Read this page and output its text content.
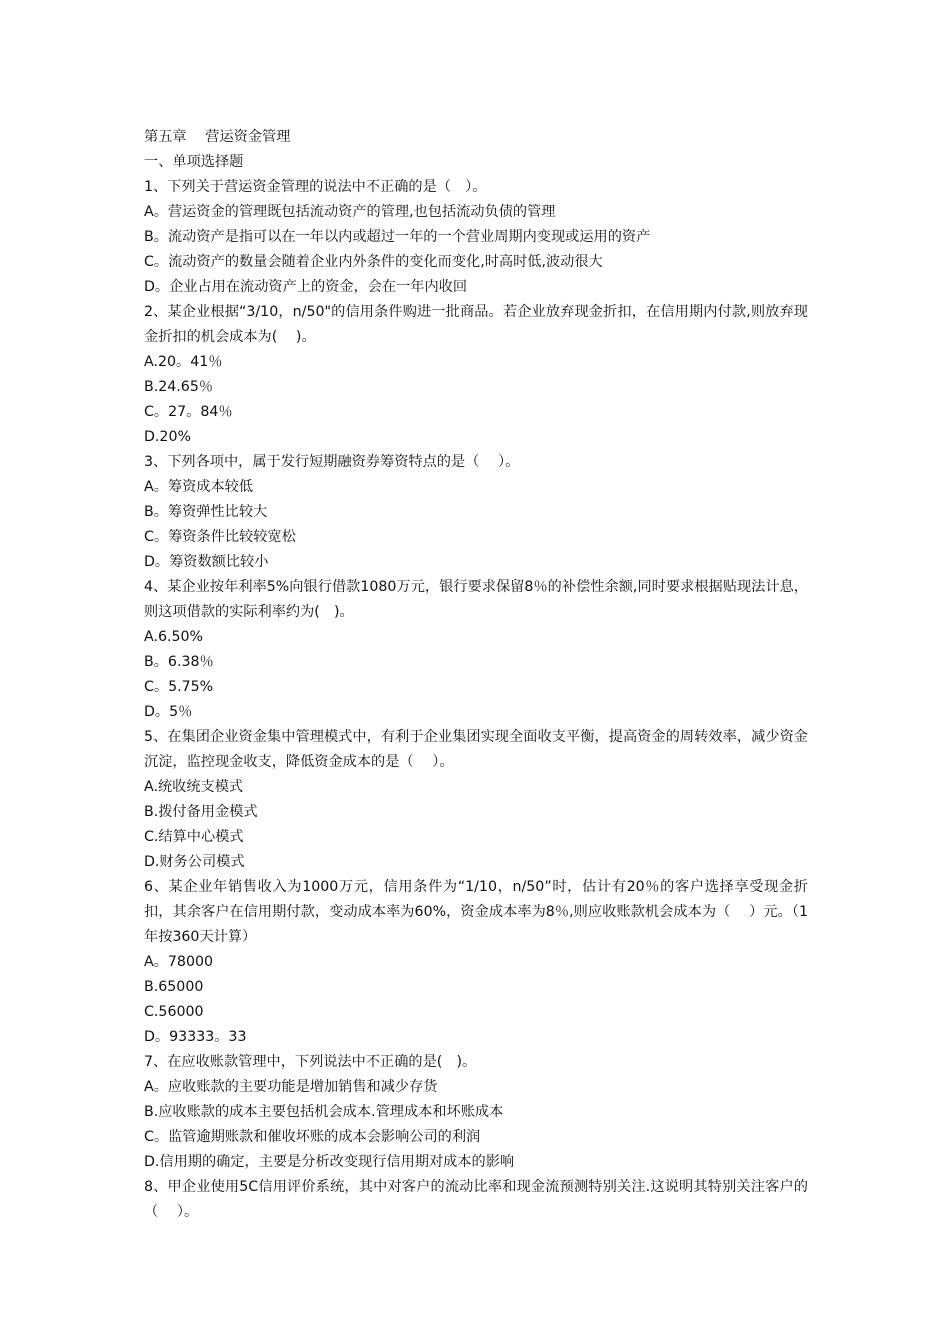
第五章　 营运资金管理

一、单项选择题

1、下列关于营运资金管理的说法中不正确的是（　）。

A。营运资金的管理既包括流动资产的管理,也包括流动负债的管理

B。流动资产是指可以在一年以内或超过一年的一个营业周期内变现或运用的资产

C。流动资产的数量会随着企业内外条件的变化而变化,时高时低,波动很大

D。企业占用在流动资产上的资金，会在一年内收回

2、某企业根据“3/10，n/50"的信用条件购进一批商品。若企业放弃现金折扣，在信用期内付款,则放弃现金折扣的机会成本为(　 )。

A.20。41％

B.24.65％

C。27。84％

D.20%

3、下列各项中，属于发行短期融资券筹资特点的是（　 ）。

A。筹资成本较低

B。筹资弹性比较大

C。筹资条件比较较宽松

D。筹资数额比较小

4、某企业按年利率5%向银行借款1080万元，银行要求保留8％的补偿性余额,同时要求根据贴现法计息，则这项借款的实际利率约为(　)。

A.6.50%

B。6.38％

C。5.75%

D。5％

5、在集团企业资金集中管理模式中，有利于企业集团实现全面收支平衡，提高资金的周转效率，减少资金沉淀，监控现金收支，降低资金成本的是（　 ）。

A.统收统支模式

B.拨付备用金模式

C.结算中心模式

D.财务公司模式

6、某企业年销售收入为1000万元，信用条件为“1/10，n/50”时，估计有20％的客户选择享受现金折扣，其余客户在信用期付款，变动成本率为60%，资金成本率为8％,则应收账款机会成本为（　 ）元。（1年按360天计算）

A。78000

B.65000

C.56000

D。93333。33

7、在应收账款管理中，下列说法中不正确的是(　)。

A。应收账款的主要功能是增加销售和减少存货

B.应收账款的成本主要包括机会成本.管理成本和坏账成本

C。监管逾期账款和催收坏账的成本会影响公司的利润

D.信用期的确定，主要是分析改变现行信用期对成本的影响

8、甲企业使用5C信用评价系统，其中对客户的流动比率和现金流预测特别关注.这说明其特别关注客户的（　 ）。
